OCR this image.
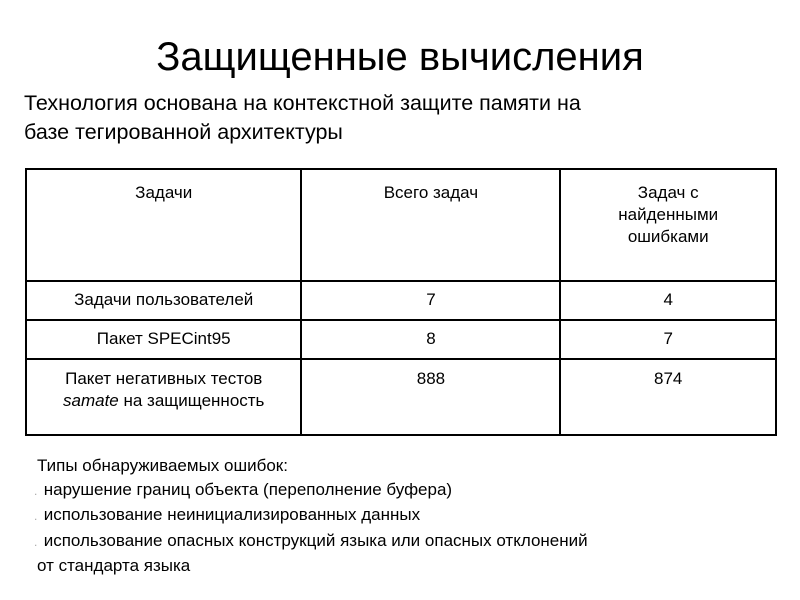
Защищенные вычисления
Технология основана на контекстной защите памяти на
базе тегированной архитектуры
Задачи	Всего задач	Задач с
найденными
ошибками

Задачи пользователей	7	4

Пакет SPECint95	8	7

Пакет негативных тестов
samate на защищенность	888	874
Типы обнаруживаемых ошибок:
. нарушение границ объекта (переполнение буфера)
. использование неинициализированных данных
. использование опасных конструкций языка или опасных отклонений
от стандарта языка
